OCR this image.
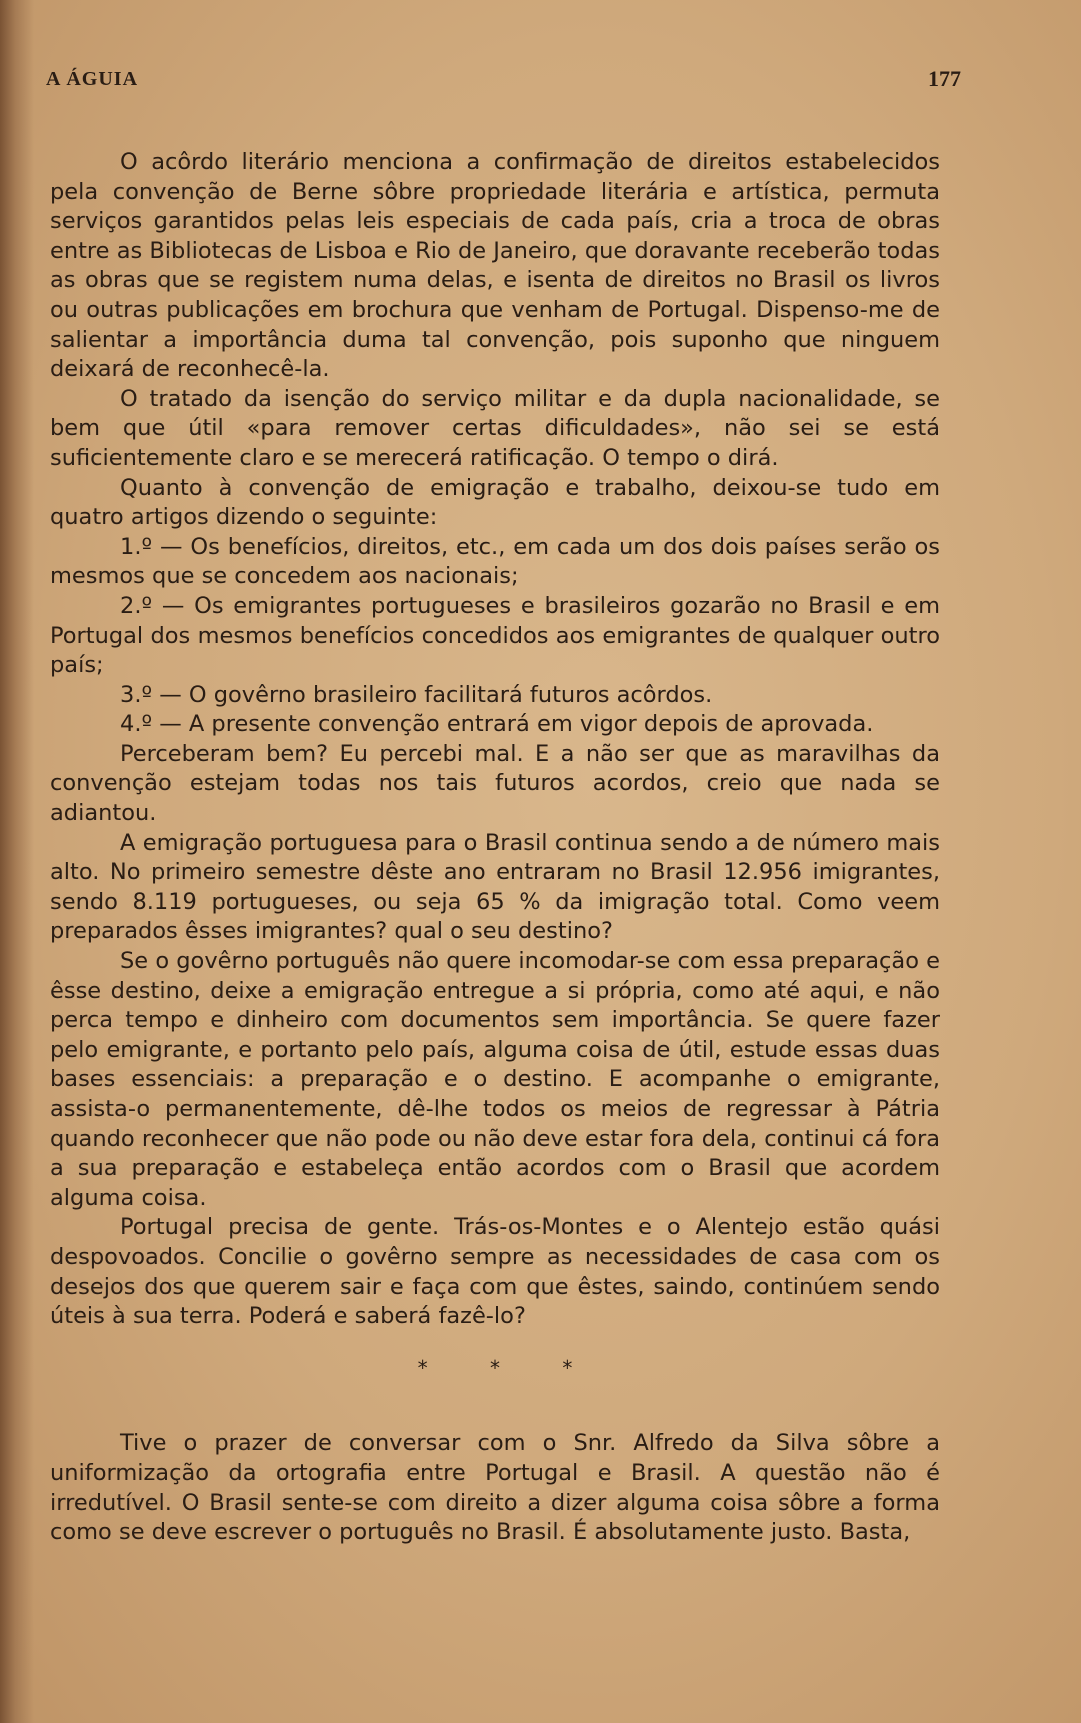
A ÁGUIA	177

O acôrdo literário menciona a confirmação de direitos estabelecidos pela convenção de Berne sôbre propriedade literária e artística, permuta serviços garantidos pelas leis especiais de cada país, cria a troca de obras entre as Bibliotecas de Lisboa e Rio de Janeiro, que doravante receberão todas as obras que se registem numa delas, e isenta de direitos no Brasil os livros ou outras publicações em brochura que venham de Portugal. Dispenso-me de salientar a importância duma tal convenção, pois suponho que ninguem deixará de reconhecê-la.

O tratado da isenção do serviço militar e da dupla nacionalidade, se bem que útil «para remover certas dificuldades», não sei se está suficientemente claro e se merecerá ratificação. O tempo o dirá.

Quanto à convenção de emigração e trabalho, deixou-se tudo em quatro artigos dizendo o seguinte:

1.º — Os benefícios, direitos, etc., em cada um dos dois países serão os mesmos que se concedem aos nacionais;

2.º — Os emigrantes portugueses e brasileiros gozarão no Brasil e em Portugal dos mesmos benefícios concedidos aos emigrantes de qualquer outro país;

3.º — O govêrno brasileiro facilitará futuros acôrdos.

4.º — A presente convenção entrará em vigor depois de aprovada.

Perceberam bem? Eu percebi mal. E a não ser que as maravilhas da convenção estejam todas nos tais futuros acordos, creio que nada se adiantou.

A emigração portuguesa para o Brasil continua sendo a de número mais alto. No primeiro semestre dêste ano entraram no Brasil 12.956 imigrantes, sendo 8.119 portugueses, ou seja 65 % da imigração total. Como veem preparados êsses imigrantes? qual o seu destino?

Se o govêrno português não quere incomodar-se com essa preparação e êsse destino, deixe a emigração entregue a si própria, como até aqui, e não perca tempo e dinheiro com documentos sem importância. Se quere fazer pelo emigrante, e portanto pelo país, alguma coisa de útil, estude essas duas bases essenciais: a preparação e o destino. E acompanhe o emigrante, assista-o permanentemente, dê-lhe todos os meios de regressar à Pátria quando reconhecer que não pode ou não deve estar fora dela, continui cá fora a sua preparação e estabeleça então acordos com o Brasil que acordem alguma coisa.

Portugal precisa de gente. Trás-os-Montes e o Alentejo estão quási despovoados. Concilie o govêrno sempre as necessidades de casa com os desejos dos que querem sair e faça com que êstes, saindo, continúem sendo úteis à sua terra. Poderá e saberá fazê-lo?

* * *

Tive o prazer de conversar com o Snr. Alfredo da Silva sôbre a uniformização da ortografia entre Portugal e Brasil. A questão não é irredutível. O Brasil sente-se com direito a dizer alguma coisa sôbre a forma como se deve escrever o português no Brasil. É absolutamente justo. Basta,
